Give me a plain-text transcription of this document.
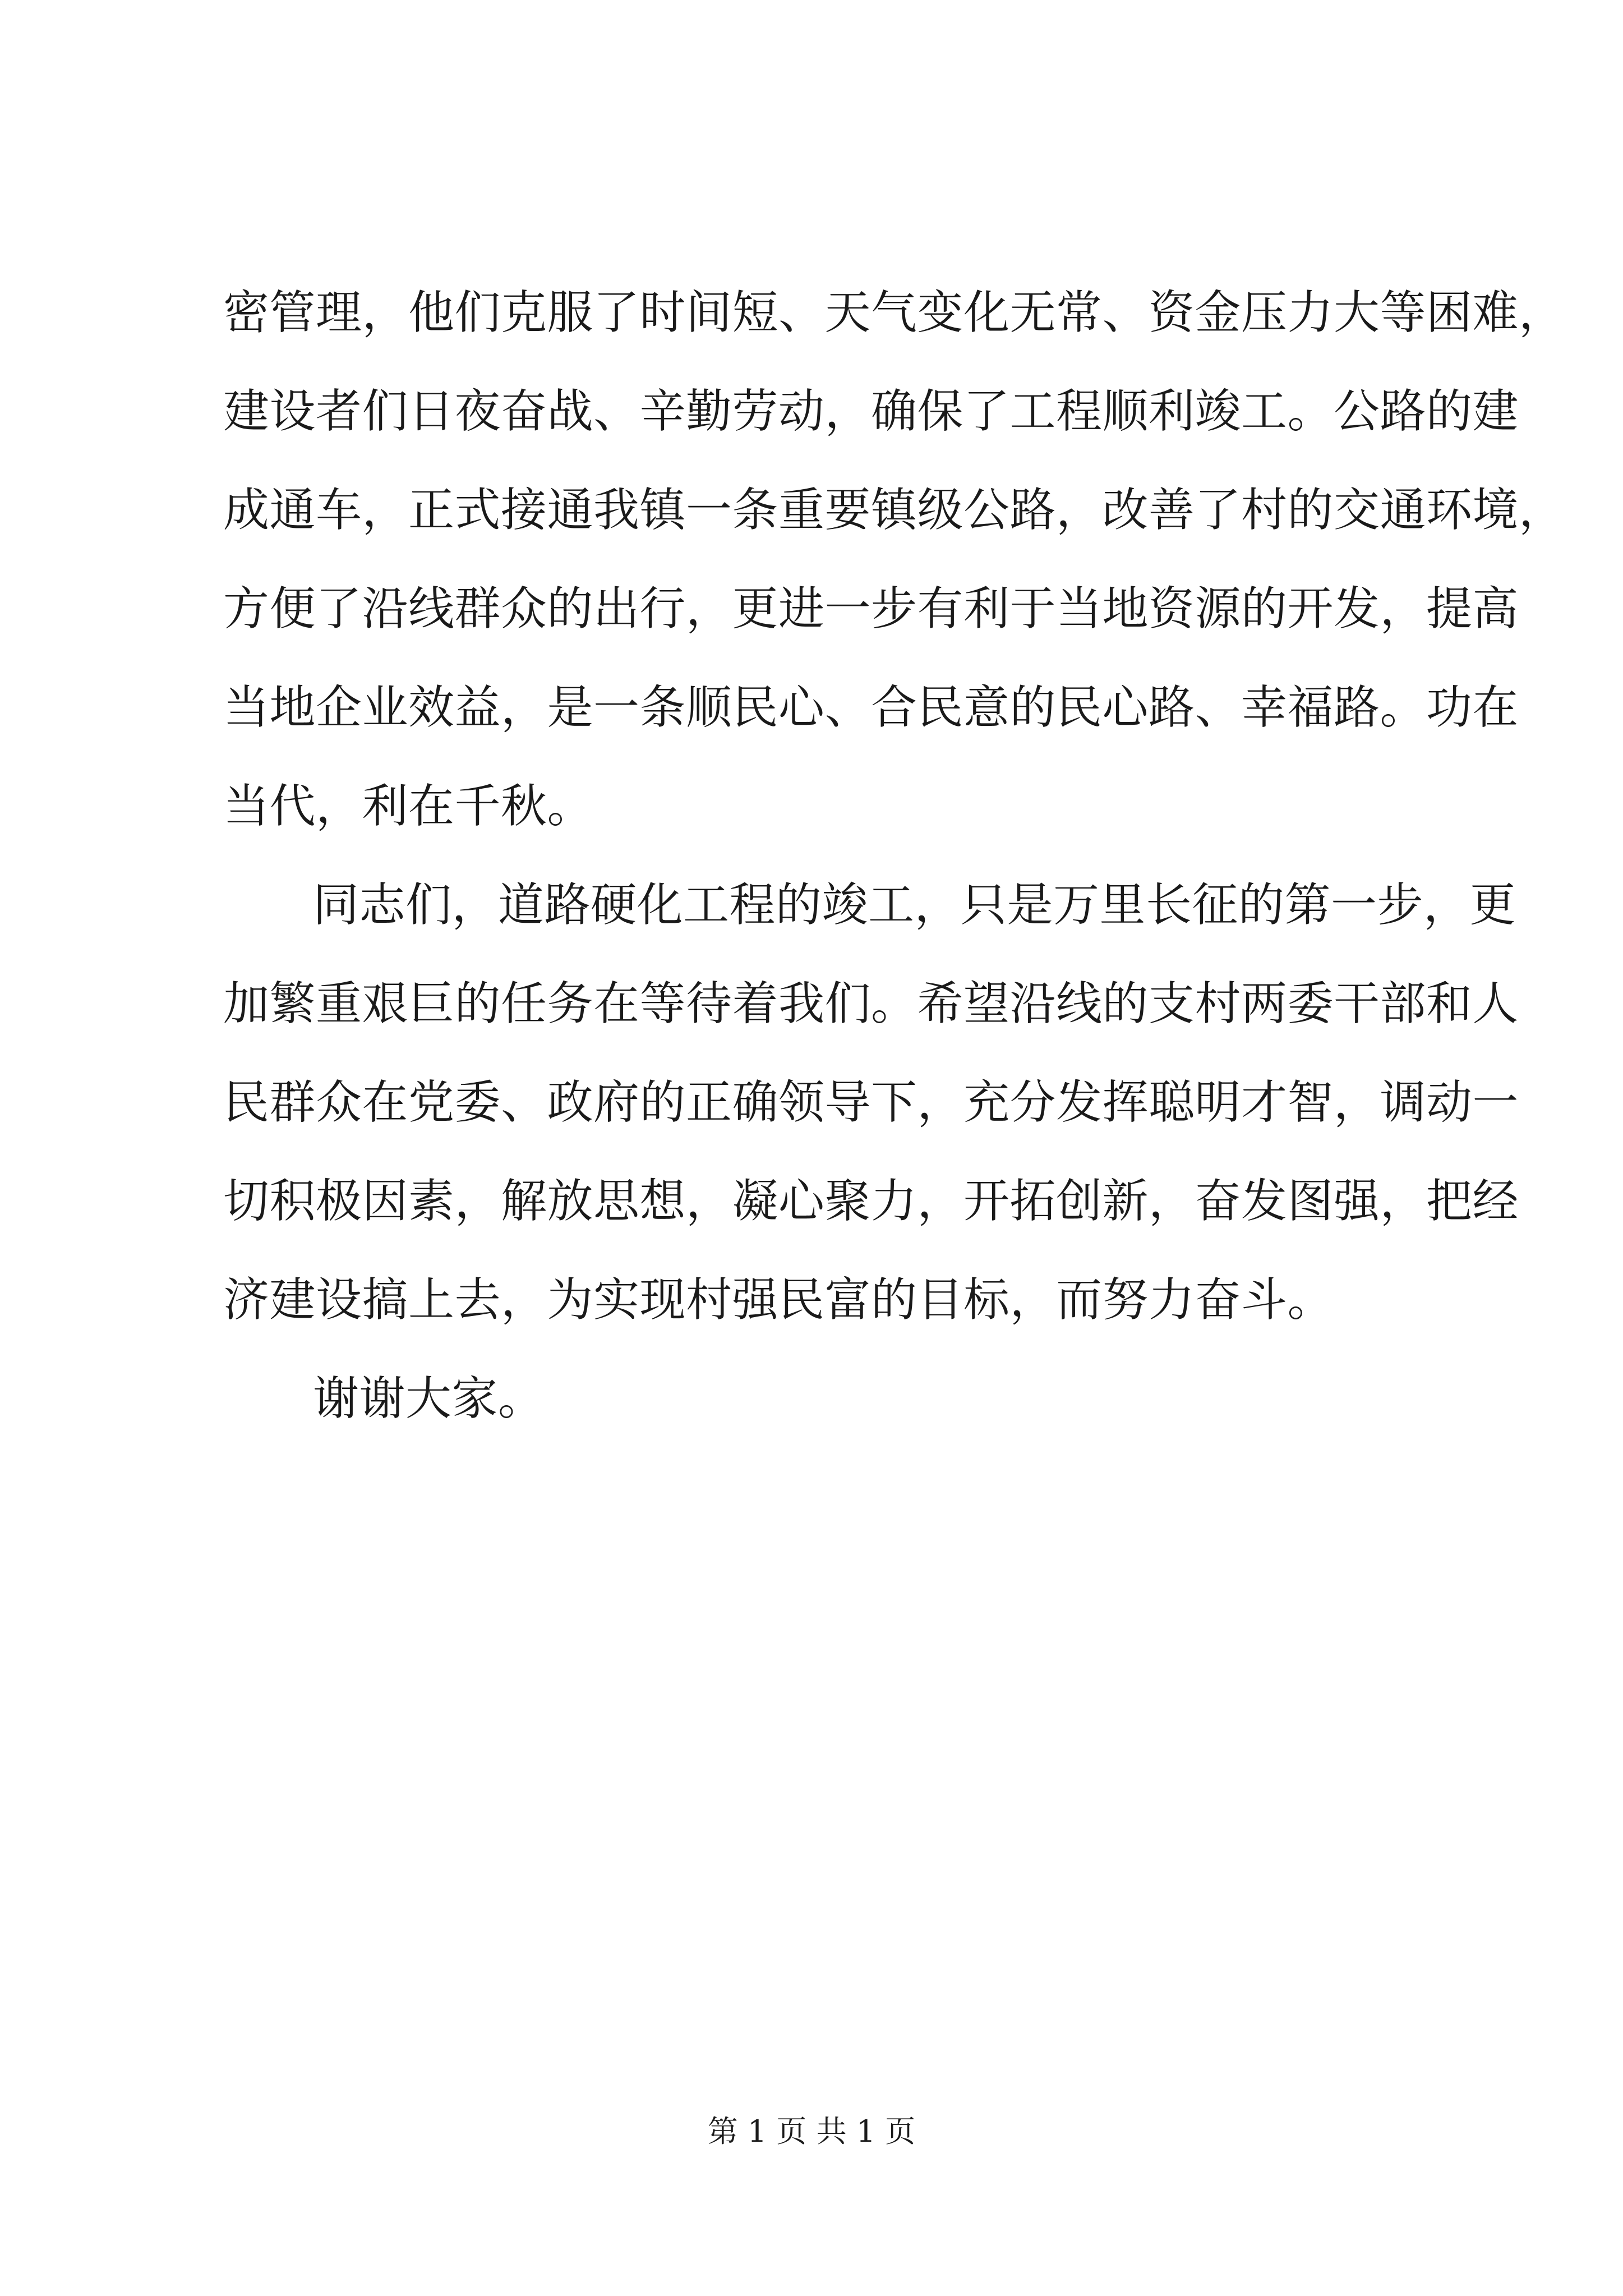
密管理，他们克服了时间短、天气变化无常、资金压力大等困难，
建设者们日夜奋战、辛勤劳动，确保了工程顺利竣工。公路的建
成通车，正式接通我镇一条重要镇级公路，改善了村的交通环境，
方便了沿线群众的出行，更进一步有利于当地资源的开发，提高
当地企业效益，是一条顺民心、合民意的民心路、幸福路。功在
当代，利在千秋。
同志们，道路硬化工程的竣工，只是万里长征的第一步，更
加繁重艰巨的任务在等待着我们。希望沿线的支村两委干部和人
民群众在党委、政府的正确领导下，充分发挥聪明才智，调动一
切积极因素，解放思想，凝心聚力，开拓创新，奋发图强，把经
济建设搞上去，为实现村强民富的目标，而努力奋斗。
谢谢大家。
第 1 页 共 1 页
